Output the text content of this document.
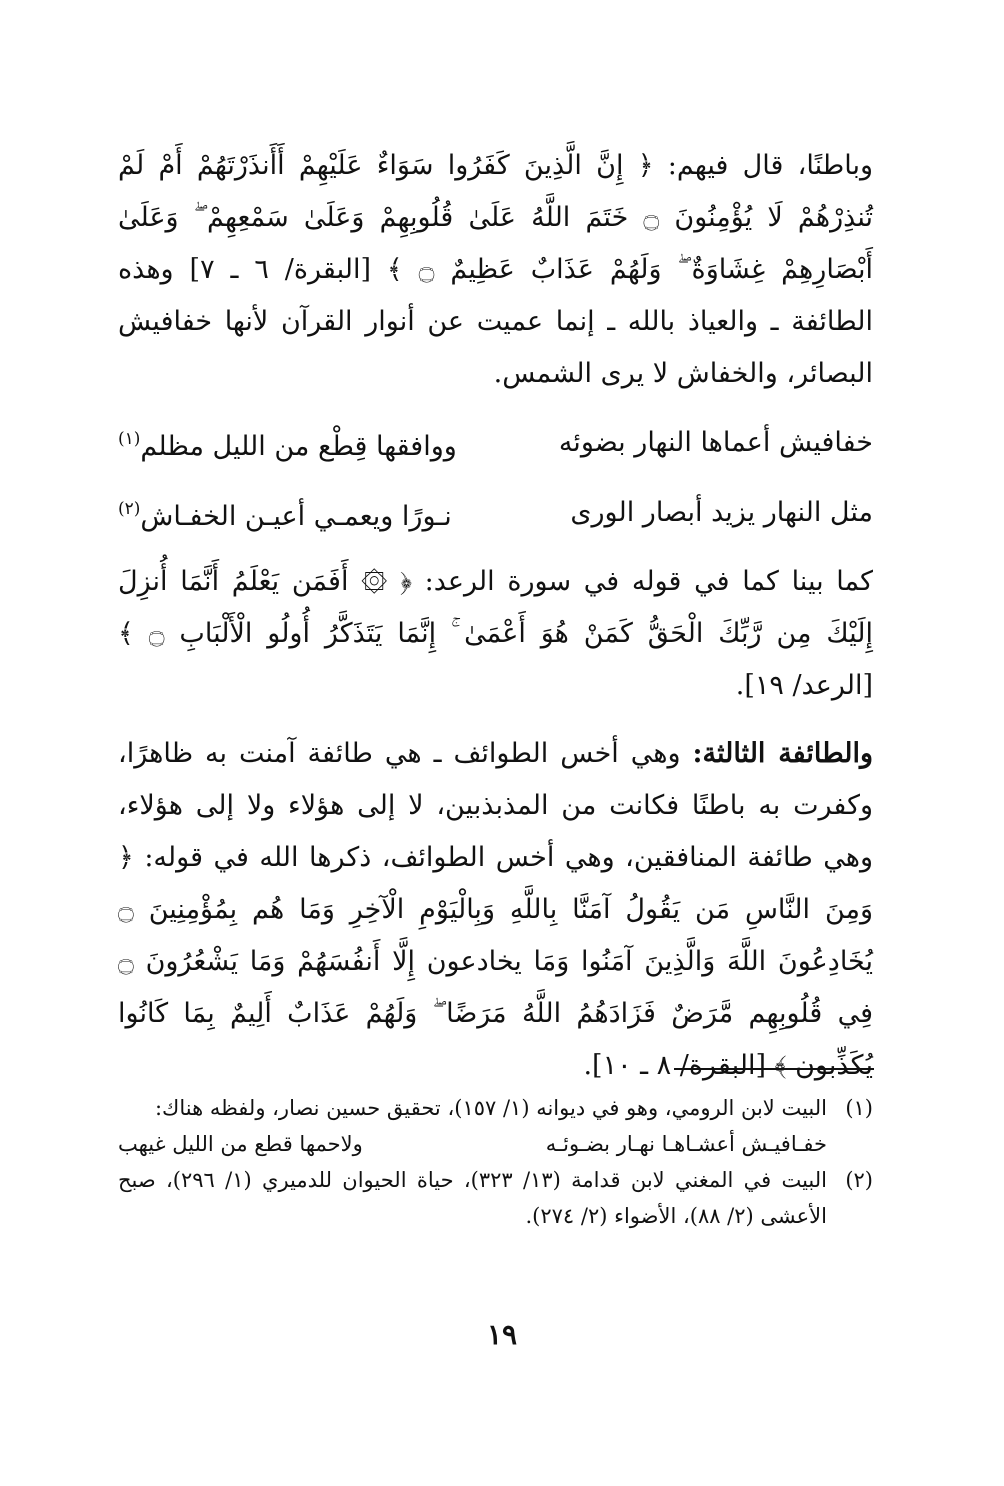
وباطنًا، قال فيهم: ﴿ إِنَّ الَّذِينَ كَفَرُوا سَوَاءٌ عَلَيْهِمْ أَأَنذَرْتَهُمْ أَمْ لَمْ تُنذِرْهُمْ لَا يُؤْمِنُونَ ۝ خَتَمَ اللَّهُ عَلَىٰ قُلُوبِهِمْ وَعَلَىٰ سَمْعِهِمْ ۖ وَعَلَىٰ أَبْصَارِهِمْ غِشَاوَةٌ ۖ وَلَهُمْ عَذَابٌ عَظِيمٌ ۝ ﴾ [البقرة/ ٦ ـ ٧] وهذه الطائفة ـ والعياذ بالله ـ إنما عميت عن أنوار القرآن لأنها خفافيش البصائر، والخفاش لا يرى الشمس.

خفافيش أعماها النهار بضوئه
ووافقها قِطْع من الليل مظلم$^{(١)}$
مثل النهار يزيد أبصار الورى
نـورًا ويعمـي أعيـن الخفـاش$^{(٢)}$

كما بينا كما في قوله في سورة الرعد: ﴿ ۞ أَفَمَن يَعْلَمُ أَنَّمَا أُنزِلَ إِلَيْكَ مِن رَّبِّكَ الْحَقُّ كَمَنْ هُوَ أَعْمَىٰ ۚ إِنَّمَا يَتَذَكَّرُ أُولُو الْأَلْبَابِ ۝ ﴾ [الرعد/ ١٩].

والطائفة الثالثة: وهي أخس الطوائف ـ هي طائفة آمنت به ظاهرًا، وكفرت به باطنًا فكانت من المذبذبين، لا إلى هؤلاء ولا إلى هؤلاء، وهي طائفة المنافقين، وهي أخس الطوائف، ذكرها الله في قوله: ﴿ وَمِنَ النَّاسِ مَن يَقُولُ آمَنَّا بِاللَّهِ وَبِالْيَوْمِ الْآخِرِ وَمَا هُم بِمُؤْمِنِينَ ۝ يُخَادِعُونَ اللَّهَ وَالَّذِينَ آمَنُوا وَمَا يخادعون إِلَّا أَنفُسَهُمْ وَمَا يَشْعُرُونَ ۝ فِي قُلُوبِهِم مَّرَضٌ فَزَادَهُمُ اللَّهُ مَرَضًا ۖ وَلَهُمْ عَذَابٌ أَلِيمٌ بِمَا كَانُوا يُكَذِّبون ﴾ [البقرة/ ٨ ـ ١٠].

(١)
البيت لابن الرومي، وهو في ديوانه (١/ ١٥٧)، تحقيق حسين نصار، ولفظه هناك:
خفـافيـش أعشـاهـا نهـار بضـوئـه
ولاحمها قطع من الليل غيهب
(٢)
البيت في المغني لابن قدامة (١٣/ ٣٢٣)، حياة الحيوان للدميري (١/ ٢٩٦)، صبح الأعشى (٢/ ٨٨)، الأضواء (٢/ ٢٧٤).
١٩
